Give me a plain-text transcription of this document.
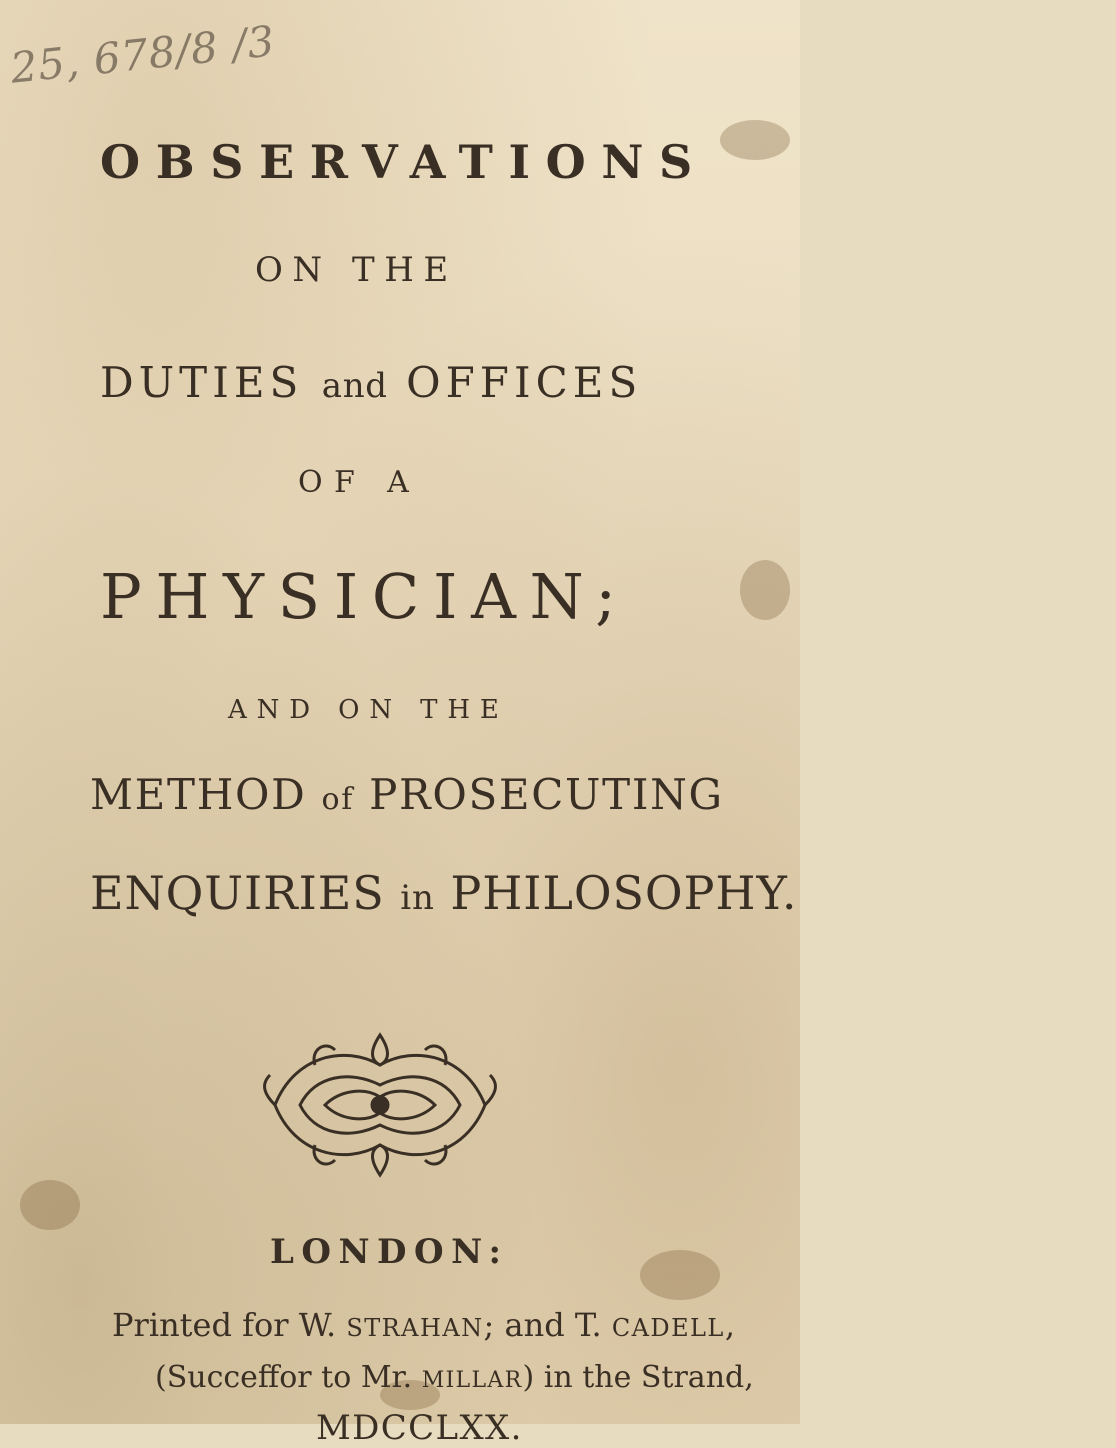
25, 678/8 /3
OBSERVATIONS
ON THE
DUTIES and OFFICES
OF A
PHYSICIAN;
AND ON THE
METHOD of PROSECUTING
ENQUIRIES in PHILOSOPHY.
LONDON:
Printed for W. STRAHAN; and T. CADELL,
(Succeffor to Mr. MILLAR) in the Strand,
MDCCLXX.
